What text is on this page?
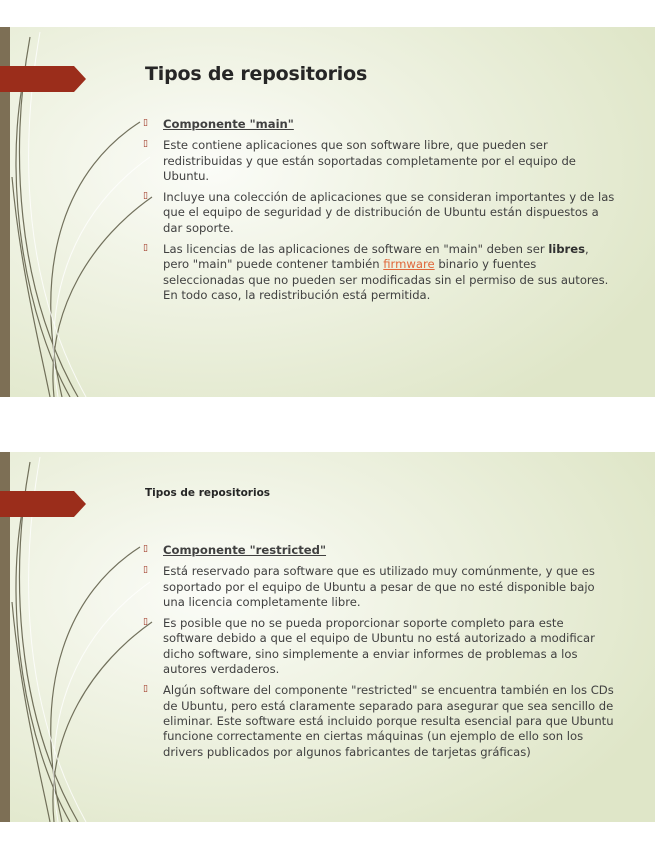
Tipos de repositorios
▯	Componente "main"
▯	Este contiene aplicaciones que son software libre, que pueden ser redistribuidas y que están soportadas completamente por el equipo de Ubuntu.
▯	Incluye una colección de aplicaciones que se consideran importantes y de las que el equipo de seguridad y de distribución de Ubuntu están dispuestos a dar soporte.
▯	Las licencias de las aplicaciones de software en "main" deben ser libres, pero "main" puede contener también firmware binario y fuentes seleccionadas que no pueden ser modificadas sin el permiso de sus autores. En todo caso, la redistribución está permitida.
Tipos de repositorios
▯	Componente "restricted"
▯	Está reservado para software que es utilizado muy comúnmente, y que es soportado por el equipo de Ubuntu a pesar de que no esté disponible bajo una licencia completamente libre.
▯	Es posible que no se pueda proporcionar soporte completo para este software debido a que el equipo de Ubuntu no está autorizado a modificar dicho software, sino simplemente a enviar informes de problemas a los autores verdaderos.
▯	Algún software del componente "restricted" se encuentra también en los CDs de Ubuntu, pero está claramente separado para asegurar que sea sencillo de eliminar. Este software está incluido porque resulta esencial para que Ubuntu funcione correctamente en ciertas máquinas (un ejemplo de ello son los drivers publicados por algunos fabricantes de tarjetas gráficas)
